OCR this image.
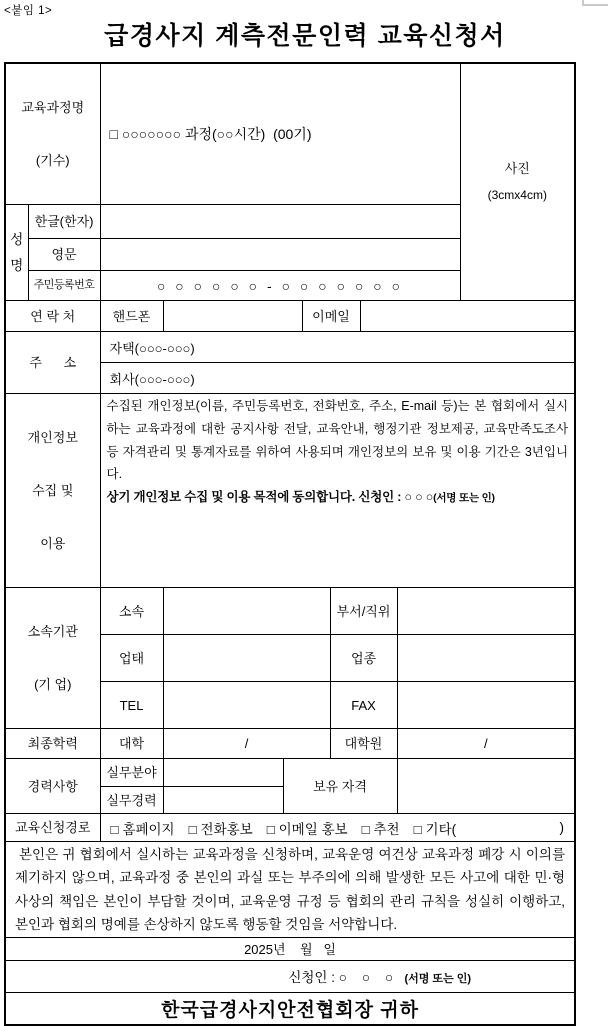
<붙임 1>
급경사지 계측전문인력 교육신청서

교육과정명

(기수)

	□ ○○○○○○○ 과정(○○시간)  (00기)	
사진
(3cmx4cm)

성
명	한글(한자)								
	영문								
	주민등록번호	○ ○ ○ ○ ○ ○ - ○ ○ ○ ○ ○ ○ ○							
연 락 처		핸드폰			이메일				
주      소		자택(○○○-○○○)							
		회사(○○○-○○○)							

개인정보

수집 및

이용

	수집된 개인정보(이름, 주민등록번호, 전화번호, 주소, E-mail 등)는 본 협회에서 실시하는 교육과정에 대한 공지사항 전달, 교육안내, 행정기관 정보제공, 교육만족도조사 등 자격관리 및 통계자료를 위하여 사용되며 개인정보의 보유 및 이용 기간은 3년입니다.
상기 개인정보 수집 및 이용 목적에 동의합니다. 신청인 : ○ ○ ○(서명 또는 인)

소속기관

(기 업)		소속				부서/직위			
		업태				업종			
		TEL				FAX			
최종학력		대학	/			대학원		/	
경력사항		실무분야		보유 자격					
		실무경력							
교육신청경로	□ 홈페이지 □ 전화홍보 □ 이메일 홍보 □ 추천 □ 기타(	)

본인은 귀 협회에서 실시하는 교육과정을 신청하며, 교육운영 여건상 교육과정 폐강 시 이의를 제기하지 않으며, 교육과정 중 본인의 과실 또는 부주의에 의해 발생한 모든 사고에 대한 민·형사상의 책임은 본인이 부담할 것이며, 교육운영 규정 등 협회의 관리 규칙을 성실히 이행하고, 본인과 협회의 명예를 손상하지 않도록 행동할 것임을 서약합니다.									
2025년    월   일									
신청인 : ○    ○    ○   (서명 또는 인)									
한국급경사지안전협회장 귀하									
